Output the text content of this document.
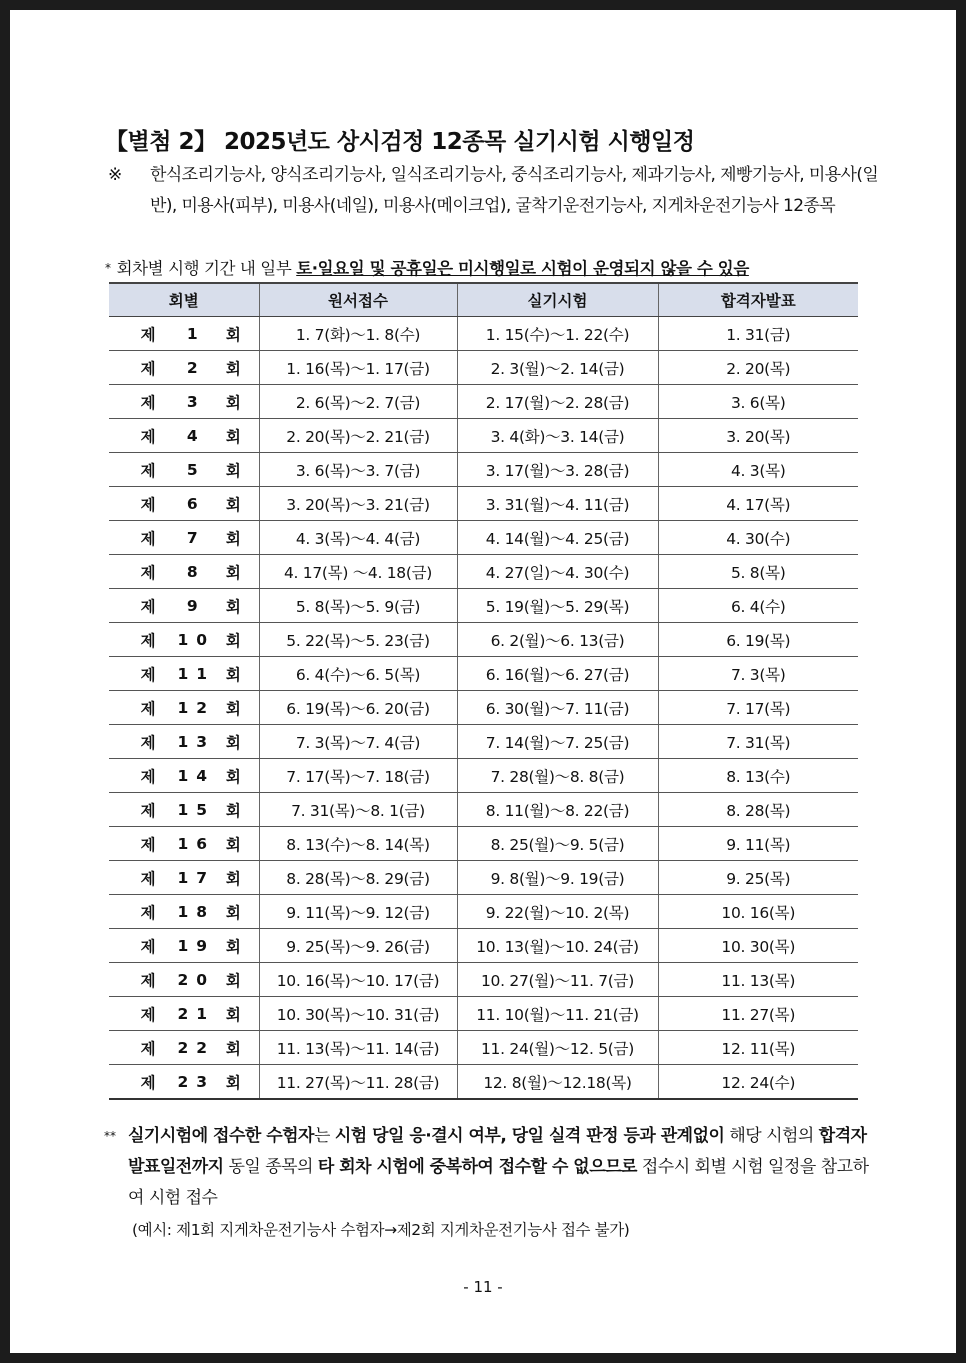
【별첨 2】 2025년도 상시검정 12종목 실기시험 시행일정
※ 한식조리기능사, 양식조리기능사, 일식조리기능사, 중식조리기능사, 제과기능사, 제빵기능사, 미용사(일반), 미용사(피부), 미용사(네일), 미용사(메이크업), 굴착기운전기능사, 지게차운전기능사 12종목
* 회차별 시행 기간 내 일부 토·일요일 및 공휴일은 미시행일로 시험이 운영되지 않을 수 있음
회별	원서접수	실기시험	합격자발표

제 1 회	1. 7(화)～1. 8(수)	1. 15(수)～1. 22(수)	1. 31(금)

제 2 회	1. 16(목)～1. 17(금)	2. 3(월)～2. 14(금)	2. 20(목)

제 3 회	2. 6(목)～2. 7(금)	2. 17(월)～2. 28(금)	3. 6(목)

제 4 회	2. 20(목)～2. 21(금)	3. 4(화)～3. 14(금)	3. 20(목)

제 5 회	3. 6(목)～3. 7(금)	3. 17(월)～3. 28(금)	4. 3(목)

제 6 회	3. 20(목)～3. 21(금)	3. 31(월)～4. 11(금)	4. 17(목)

제 7 회	4. 3(목)～4. 4(금)	4. 14(월)～4. 25(금)	4. 30(수)

제 8 회	4. 17(목) ～4. 18(금)	4. 27(일)～4. 30(수)	5. 8(목)

제 9 회	5. 8(목)～5. 9(금)	5. 19(월)～5. 29(목)	6. 4(수)

제 10 회	5. 22(목)～5. 23(금)	6. 2(월)～6. 13(금)	6. 19(목)

제 11 회	6. 4(수)～6. 5(목)	6. 16(월)～6. 27(금)	7. 3(목)

제 12 회	6. 19(목)～6. 20(금)	6. 30(월)～7. 11(금)	7. 17(목)

제 13 회	7. 3(목)～7. 4(금)	7. 14(월)～7. 25(금)	7. 31(목)

제 14 회	7. 17(목)～7. 18(금)	7. 28(월)～8. 8(금)	8. 13(수)

제 15 회	7. 31(목)～8. 1(금)	8. 11(월)～8. 22(금)	8. 28(목)

제 16 회	8. 13(수)～8. 14(목)	8. 25(월)～9. 5(금)	9. 11(목)

제 17 회	8. 28(목)～8. 29(금)	9. 8(월)～9. 19(금)	9. 25(목)

제 18 회	9. 11(목)～9. 12(금)	9. 22(월)～10. 2(목)	10. 16(목)

제 19 회	9. 25(목)～9. 26(금)	10. 13(월)～10. 24(금)	10. 30(목)

제 20 회	10. 16(목)～10. 17(금)	10. 27(월)～11. 7(금)	11. 13(목)

제 21 회	10. 30(목)～10. 31(금)	11. 10(월)～11. 21(금)	11. 27(목)

제 22 회	11. 13(목)～11. 14(금)	11. 24(월)～12. 5(금)	12. 11(목)

제 23 회	11. 27(목)～11. 28(금)	12. 8(월)～12.18(목)	12. 24(수)
** 실기시험에 접수한 수험자는 시험 당일 응·결시 여부, 당일 실격 판정 등과 관계없이 해당 시험의 합격자 발표일전까지 동일 종목의 타 회차 시험에 중복하여 접수할 수 없으므로 접수시 회별 시험 일정을 참고하여 시험 접수
(예시: 제1회 지게차운전기능사 수험자→제2회 지게차운전기능사 접수 불가)
- 11 -
